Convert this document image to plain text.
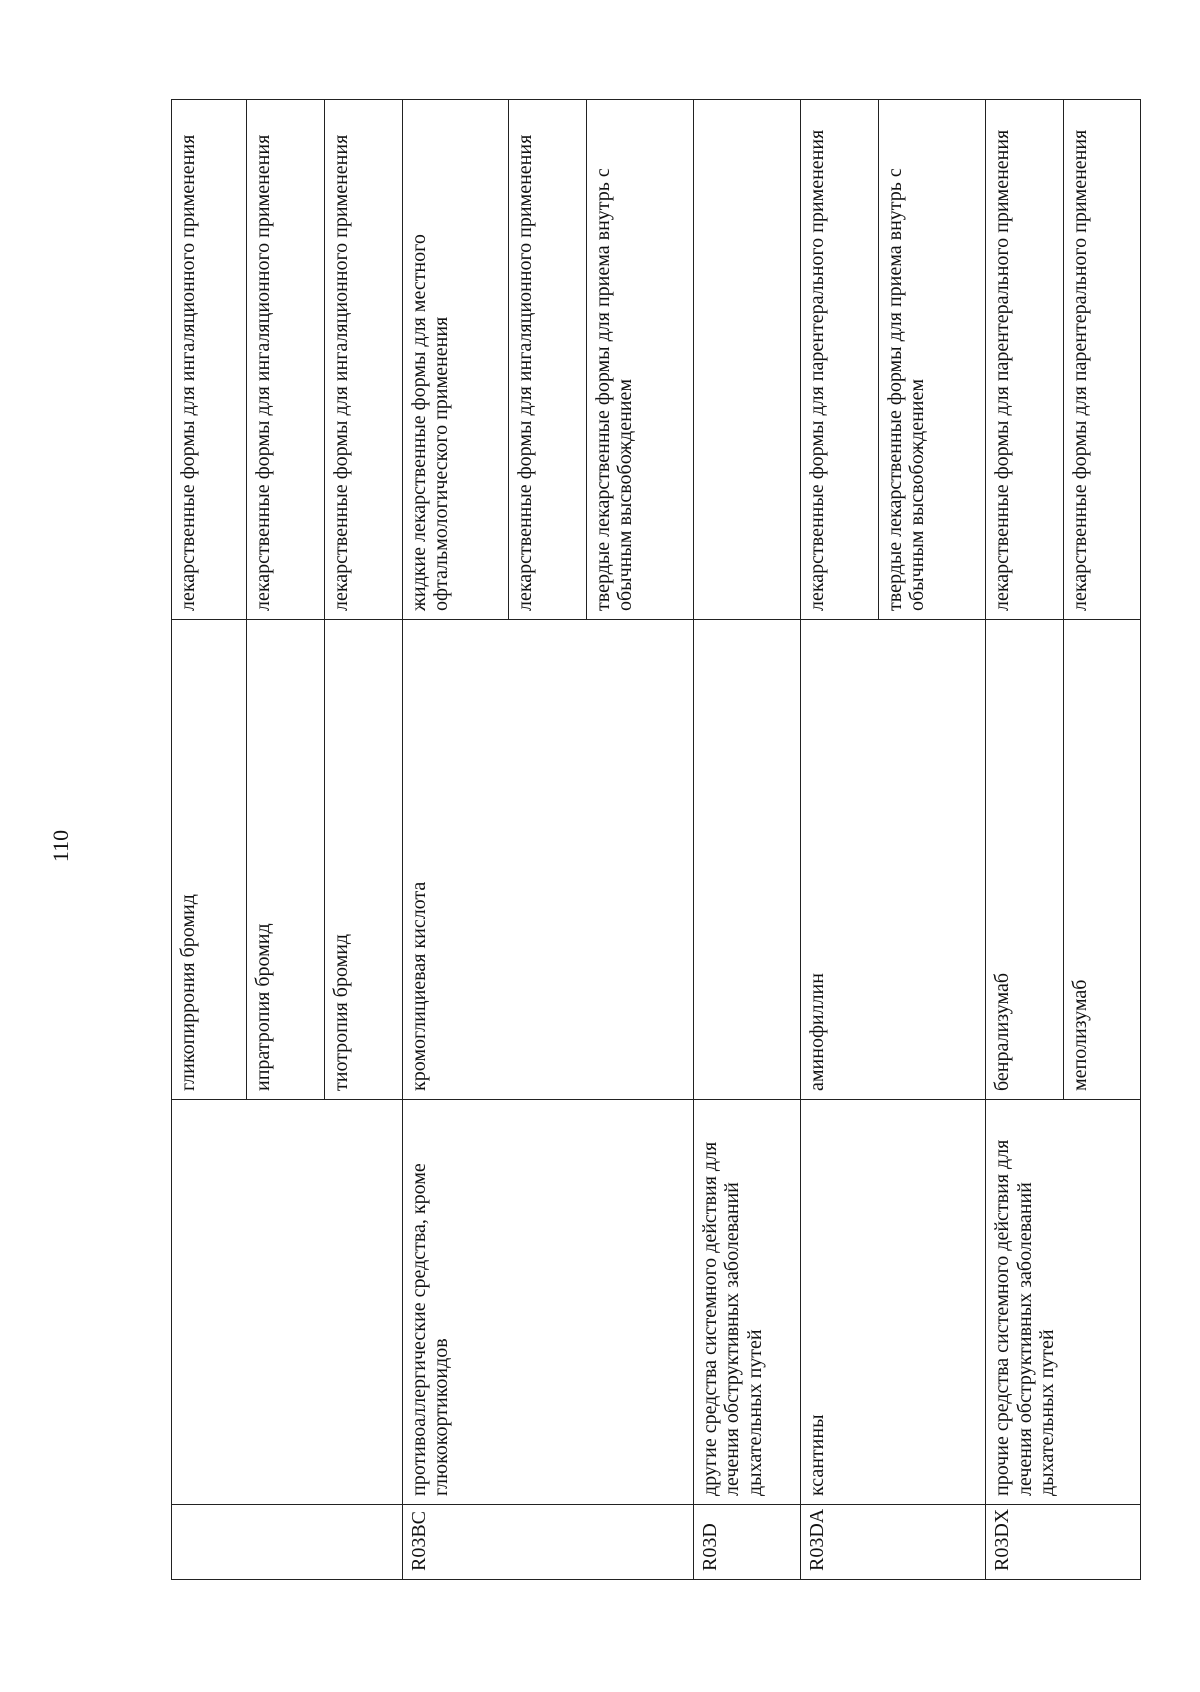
110
		гликопиррония бромид	лекарственные формы для ингаляционного применения
		ипратропия бромид	лекарственные формы для ингаляционного применения
		тиотропия бромид	лекарственные формы для ингаляционного применения
R03BC	противоаллергические средства, кроме глюкокортикоидов	кромоглициевая кислота	жидкие лекарственные формы для местного офтальмологического применения
			лекарственные формы для ингаляционного применения
			твердые лекарственные формы для приема внутрь с обычным высвобождением
R03D	другие средства системного действия для лечения обструктивных заболеваний дыхательных путей		
R03DA	ксантины	аминофиллин	лекарственные формы для парентерального применения
			твердые лекарственные формы для приема внутрь с обычным высвобождением
R03DX	прочие средства системного действия для лечения обструктивных заболеваний дыхательных путей	бенрализумаб	лекарственные формы для парентерального применения
		меполизумаб	лекарственные формы для парентерального применения
